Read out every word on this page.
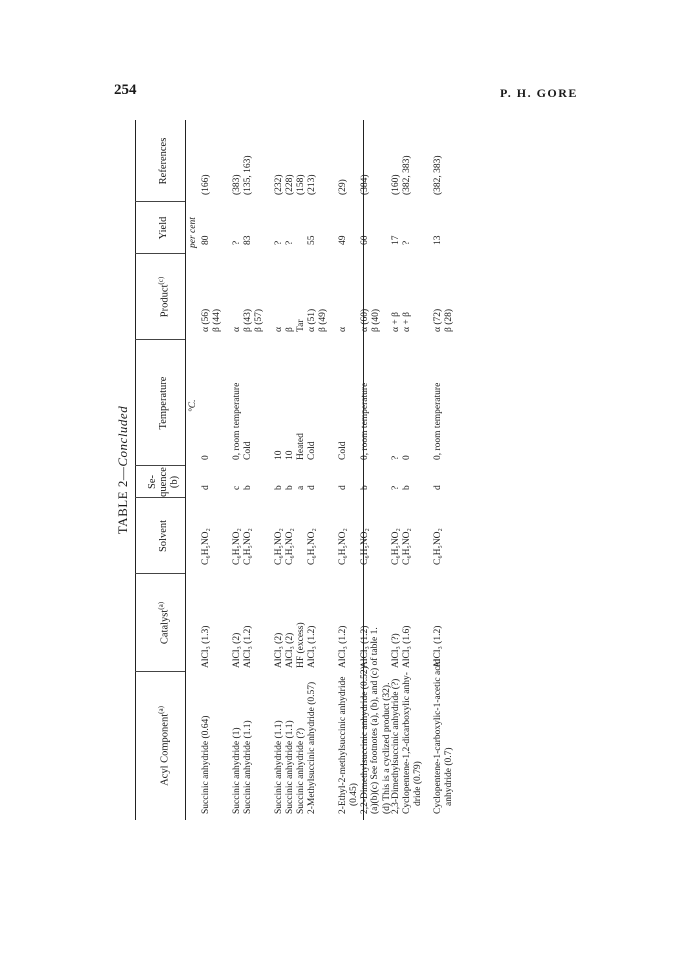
254	P. H. GORE
TABLE 2—Concluded
Acyl Component$^{(a)}$
Catalyst$^{(a)}$
Solvent
Se-quence (b)
Temperature
Product$^{(c)}$
Yield
References
°C.
per cent
Succinic anhydride (0.64)
AlCl₃ (1.3)
C₆H₅NO₂
d
0
α (56)
80
(166)
β (44)
Succinic anhydride (1)
AlCl₃ (2)
C₆H₅NO₂
c
0, room temperature
α
?
(383)
Succinic anhydride (1.1)
AlCl₃ (1.2)
C₆H₅NO₂
b
Cold
β (43)
83
(135, 163)
β (57)
Succinic anhydride (1.1)
AlCl₃ (2)
C₆H₅NO₂
b
10
α
?
(232)
Succinic anhydride (1.1)
AlCl₃ (2)
C₆H₅NO₂
b
10
β
?
(228)
Succinic anhydride (?)
HF (excess)
a
Heated
Tar
(158)
2-Methylsuccinic anhydride (0.57)
AlCl₃ (1.2)
C₆H₅NO₂
d
Cold
α (51)
55
(213)
β (49)
2-Ethyl-2-methylsuccinic anhydride
AlCl₃ (1.2)
C₆H₅NO₂
d
Cold
α
49
(29)
(0.45) 2,2-Dimethylsuccinic anhydride (0.52)
AlCl₃ (1.2)
C₆H₅NO₂
b
0, room temperature
α (60)
60
(384)
β (40)
2,3-Dimethylsuccinic anhydride (?)
AlCl₃ (?)
C₆H₅NO₂
?
?
α + β
17
(160)
Cyclopentene-1,2-dicarboxylic anhy-
AlCl₃ (1.6)
C₆H₅NO₂
b
0
α + β
?
(382, 383)
dride (0.79) Cyclopentene-1-carboxylic-1-acetic acid
AlCl₃ (1.2)
C₆H₅NO₂
d
0, room temperature
α (72)
13
(382, 383)
anhydride (0.7)
β (28)
(a)(b)(c) See footnotes (a), (b), and (c) of table 1. (d) This is a cyclized product (32).
